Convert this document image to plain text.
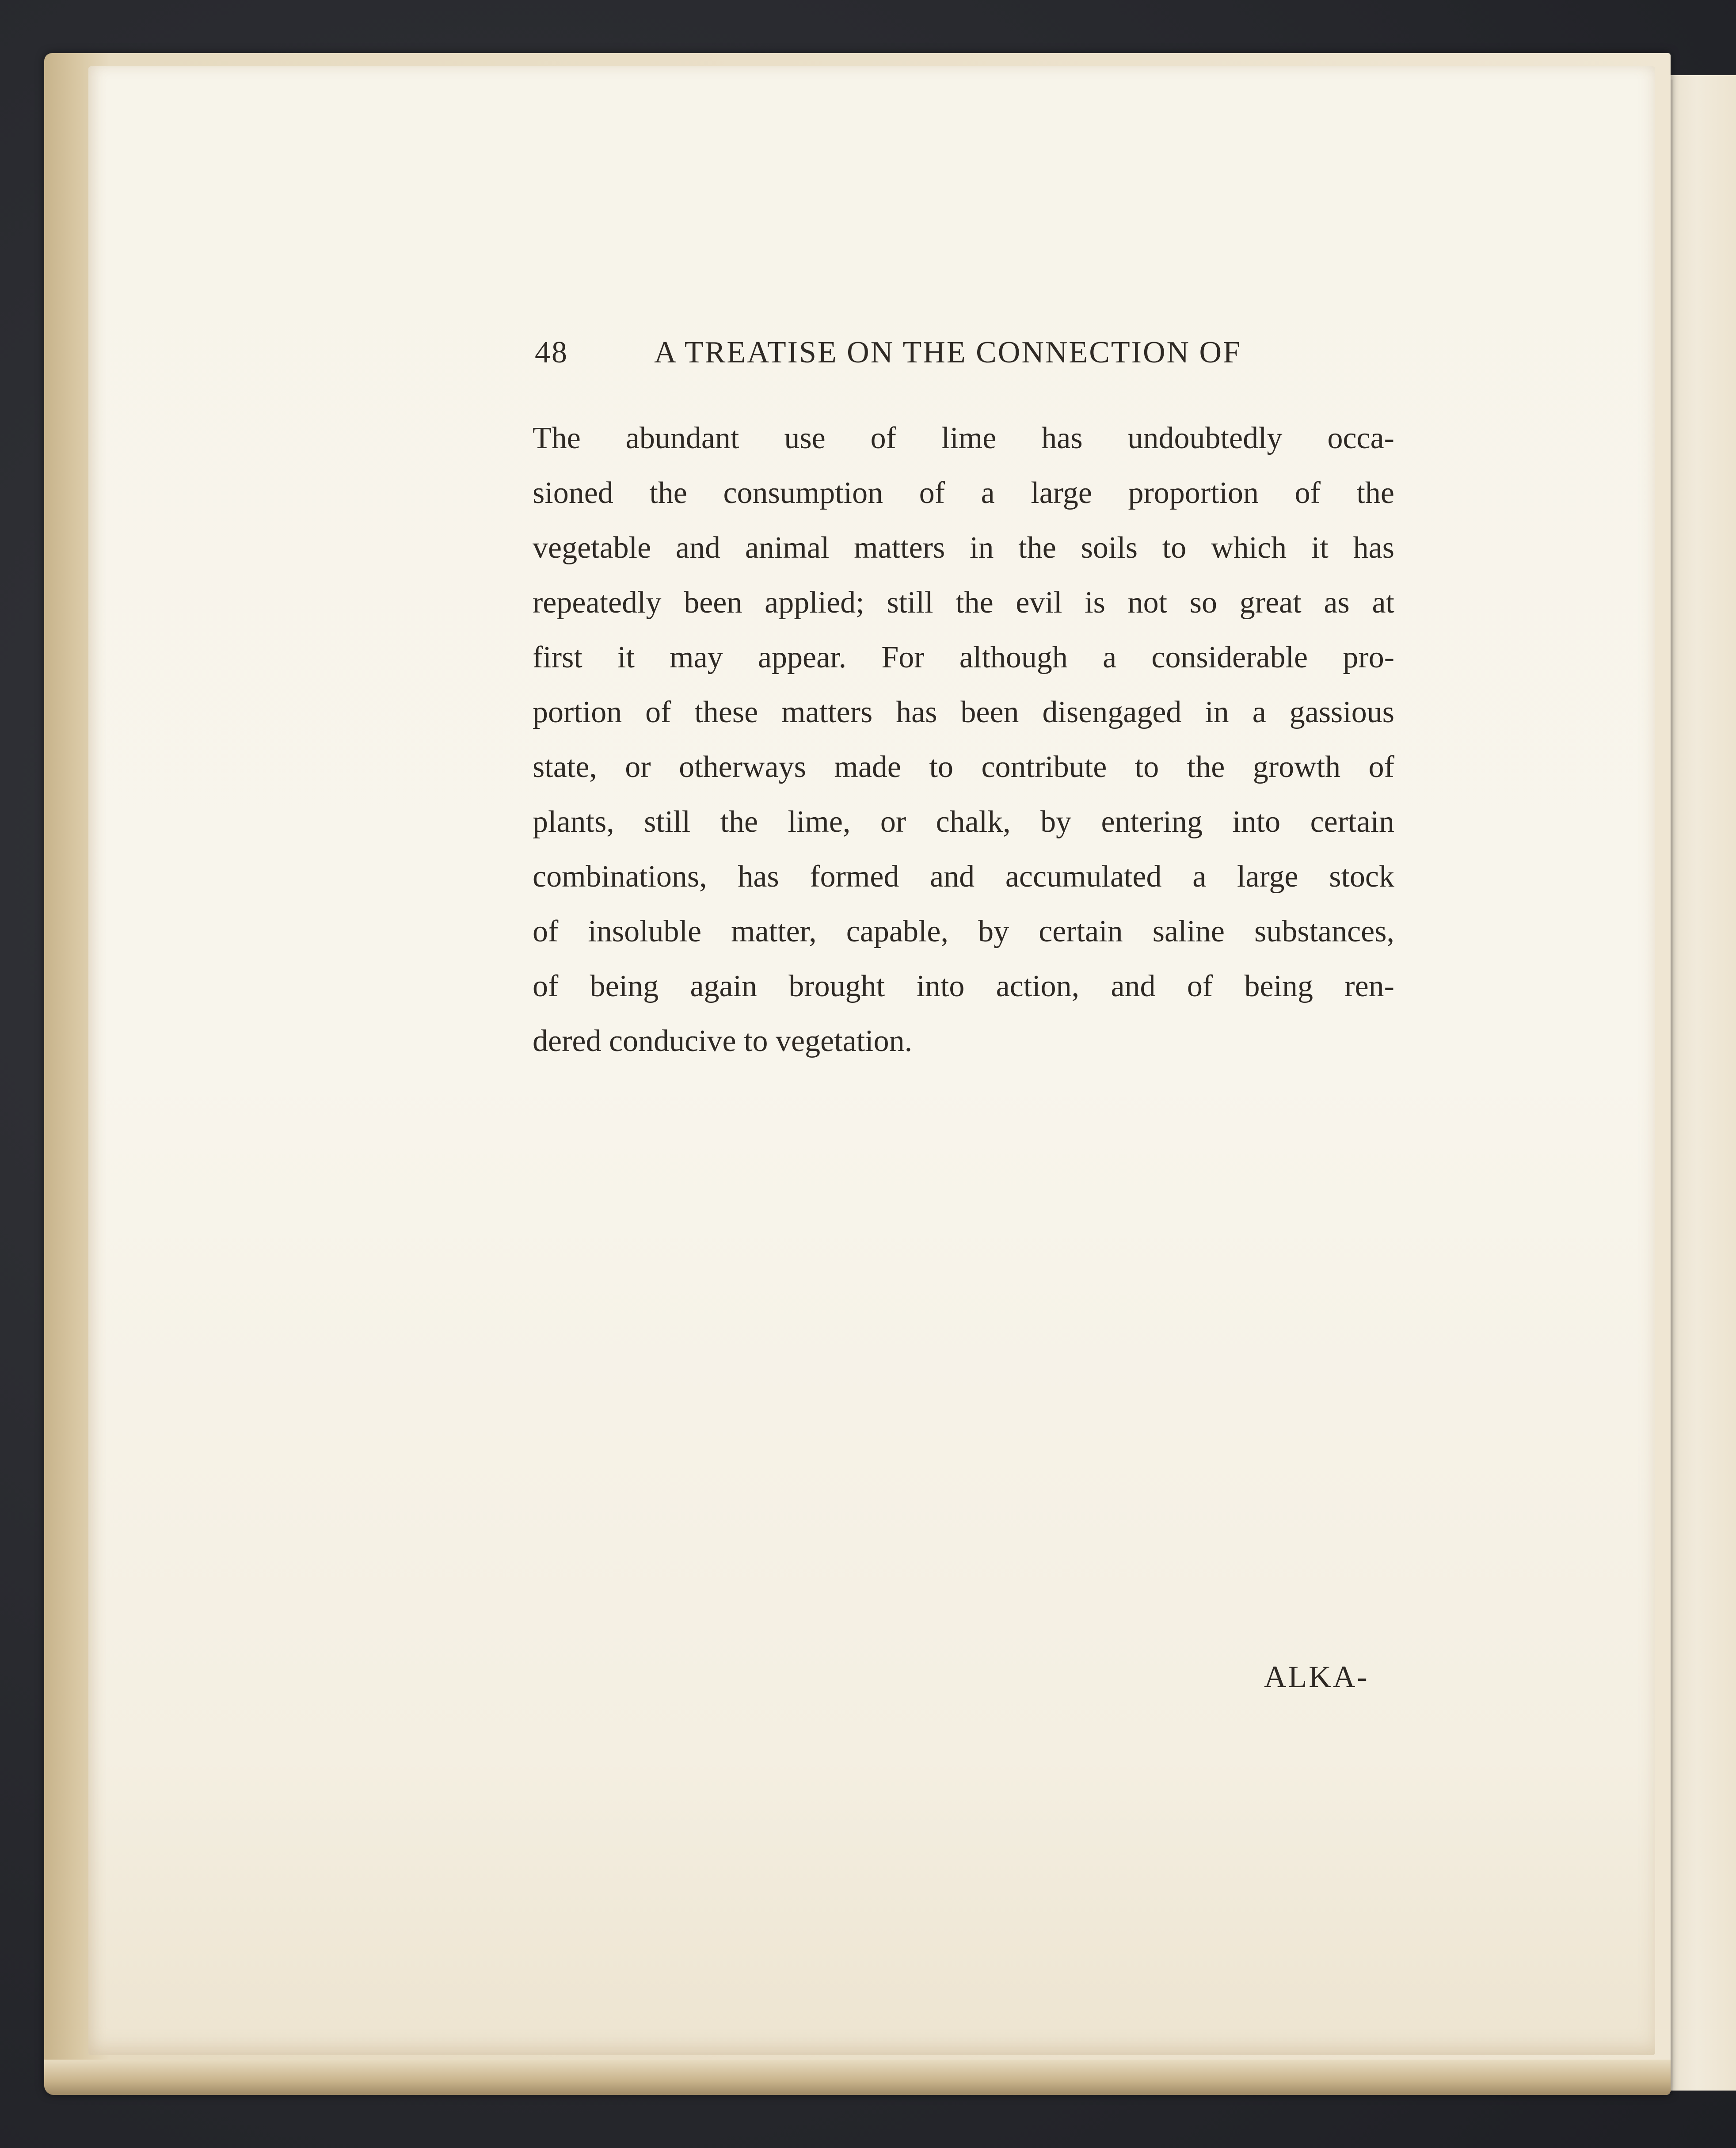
48	A TREATISE ON THE CONNECTION OF
The abundant use of lime has undoubtedly occa-
sioned the consumption of a large proportion of the
vegetable and animal matters in the soils to which it has
repeatedly been applied; still the evil is not so great as at
first it may appear. For although a considerable pro-
portion of these matters has been disengaged in a gassious
state, or otherways made to contribute to the growth of
plants, still the lime, or chalk, by entering into certain
combinations, has formed and accumulated a large stock
of insoluble matter, capable, by certain saline substances,
of being again brought into action, and of being ren-
dered conducive to vegetation.
ALKA-
